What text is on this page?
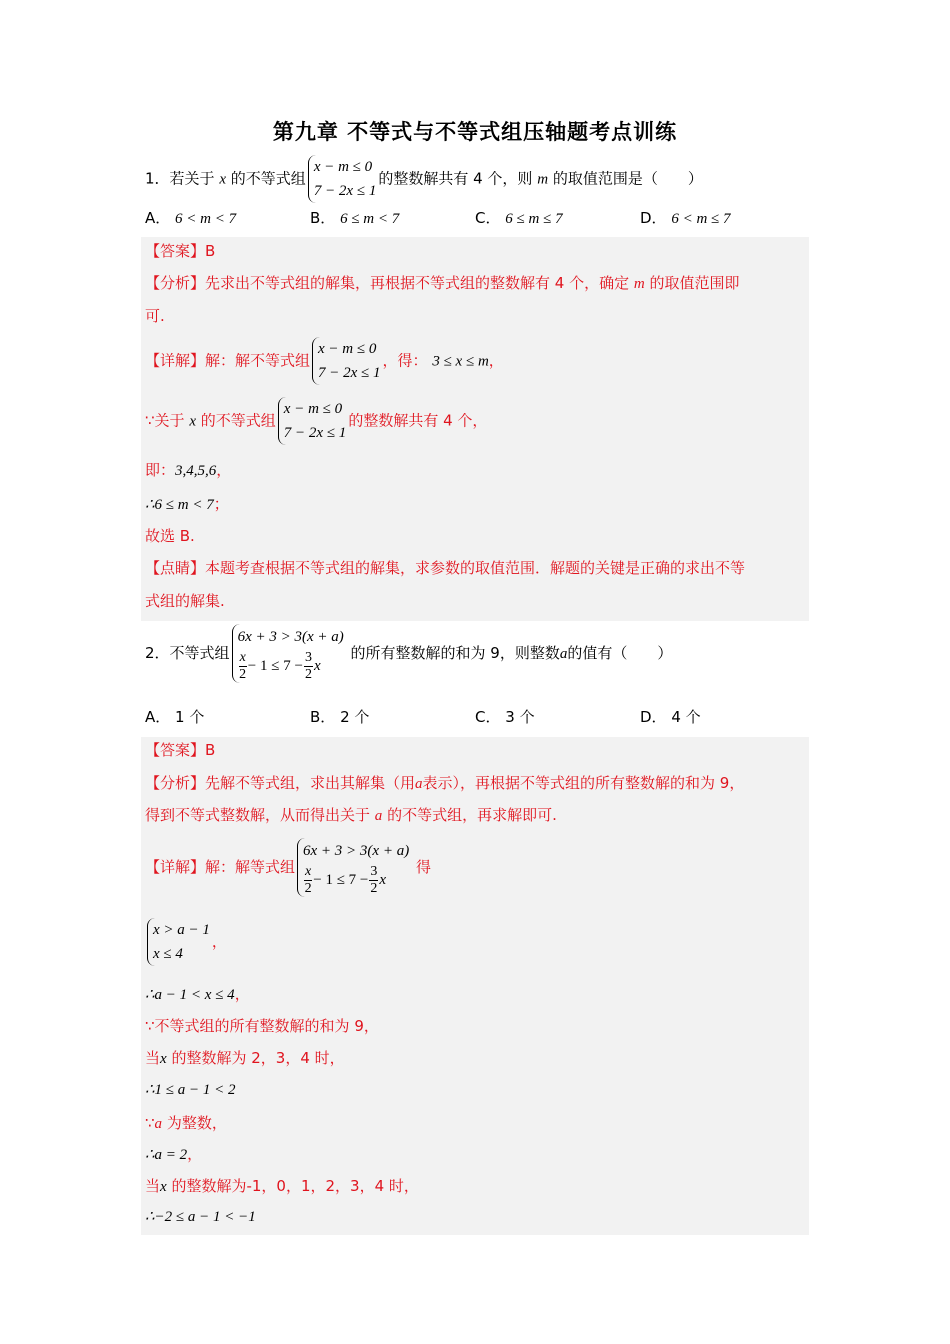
第九章 不等式与不等式组压轴题考点训练
1．若关于 x 的不等式组
x − m ≤ 0
7 − 2x ≤ 1
的整数解共有 4 个，则 m 的取值范围是（　　）
A． 6 < m < 7	B． 6 ≤ m < 7	C． 6 ≤ m ≤ 7	D． 6 < m ≤ 7
【答案】B
【分析】先求出不等式组的解集，再根据不等式组的整数解有 4 个，确定 m 的取值范围即
可.
【详解】解：解不等式组
x − m ≤ 0
7 − 2x ≤ 1
，得： 3 ≤ x ≤ m，
∵关于 x 的不等式组
x − m ≤ 0
7 − 2x ≤ 1
的整数解共有 4 个，
即：3,4,5,6，
∴6 ≤ m < 7；
故选 B.
【点睛】本题考查根据不等式组的解集，求参数的取值范围．解题的关键是正确的求出不等
式组的解集.
2．不等式组
6x + 3 > 3(x + a)
$\frac{x}{2} - 1 \le 7 - \frac{3}{2}$ x
的所有整数解的和为 9，则整数a的值有（　　）
A． 1 个	B． 2 个	C． 3 个	D． 4 个
【答案】B
【分析】先解不等式组，求出其解集（用a表示），再根据不等式组的所有整数解的和为 9，
得到不等式整数解，从而得出关于 a 的不等式组，再求解即可.
【详解】解：解等式组
6x + 3 > 3(x + a)
$\frac{x}{2} - 1 \le 7 - \frac{3}{2}$ x
得
x > a − 1
x ≤ 4
，
∴a − 1 < x ≤ 4，
∵不等式组的所有整数解的和为 9，
当x 的整数解为 2，3，4 时，
∴1 ≤ a − 1 < 2
∵a 为整数，
∴a = 2，
当x 的整数解为-1，0，1，2，3，4 时，
∴−2 ≤ a − 1 < −1
